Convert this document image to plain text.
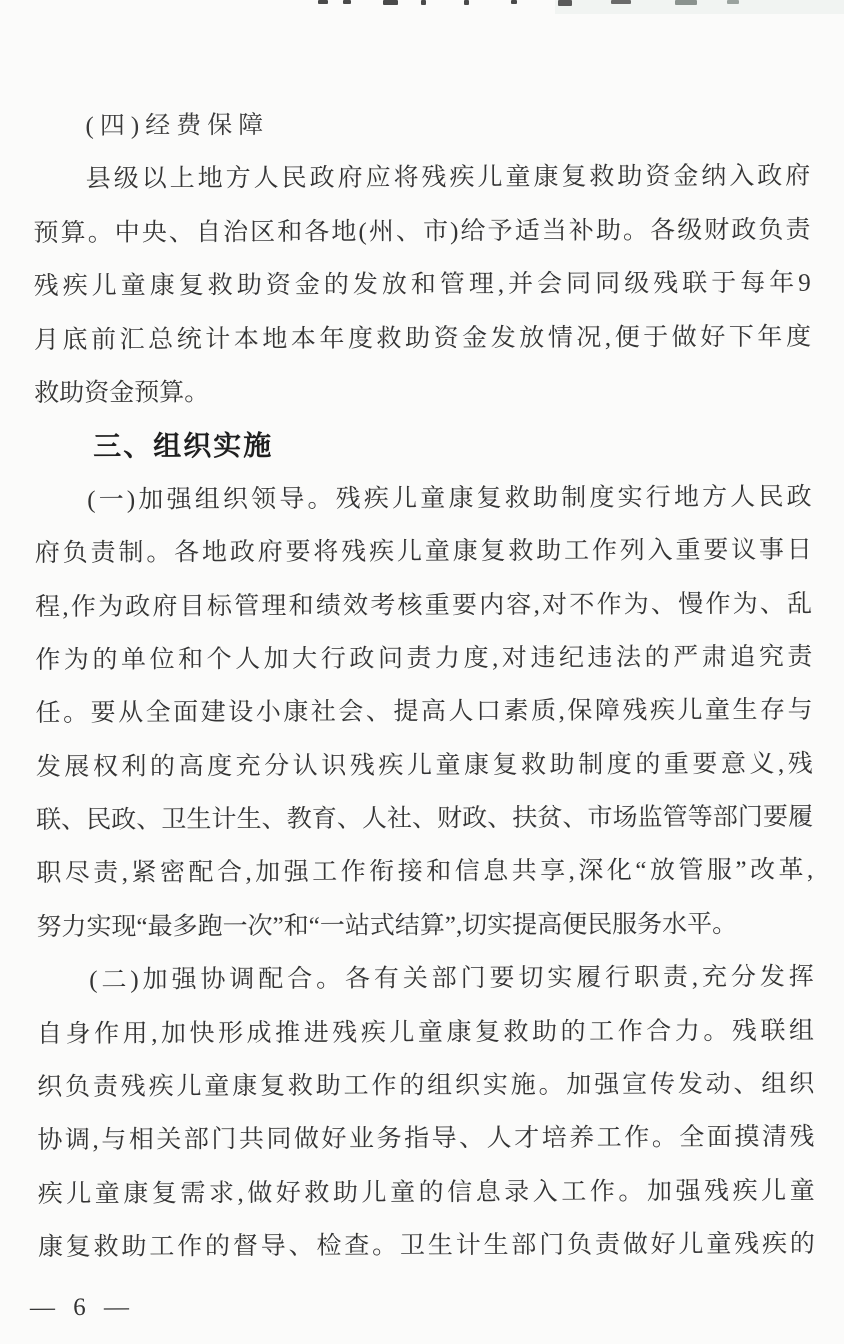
(四)经费保障
县级以上地方人民政府应将残疾儿童康复救助资金纳入政府
预算。中央、自治区和各地(州、市)给予适当补助。各级财政负责
残疾儿童康复救助资金的发放和管理,并会同同级残联于每年9
月底前汇总统计本地本年度救助资金发放情况,便于做好下年度
救助资金预算。
三、组织实施
(一)加强组织领导。残疾儿童康复救助制度实行地方人民政
府负责制。各地政府要将残疾儿童康复救助工作列入重要议事日
程,作为政府目标管理和绩效考核重要内容,对不作为、慢作为、乱
作为的单位和个人加大行政问责力度,对违纪违法的严肃追究责
任。要从全面建设小康社会、提高人口素质,保障残疾儿童生存与
发展权利的高度充分认识残疾儿童康复救助制度的重要意义,残
联、民政、卫生计生、教育、人社、财政、扶贫、市场监管等部门要履
职尽责,紧密配合,加强工作衔接和信息共享,深化“放管服”改革,
努力实现“最多跑一次”和“一站式结算”,切实提高便民服务水平。
(二)加强协调配合。各有关部门要切实履行职责,充分发挥
自身作用,加快形成推进残疾儿童康复救助的工作合力。残联组
织负责残疾儿童康复救助工作的组织实施。加强宣传发动、组织
协调,与相关部门共同做好业务指导、人才培养工作。全面摸清残
疾儿童康复需求,做好救助儿童的信息录入工作。加强残疾儿童
康复救助工作的督导、检查。卫生计生部门负责做好儿童残疾的
— 6 —
